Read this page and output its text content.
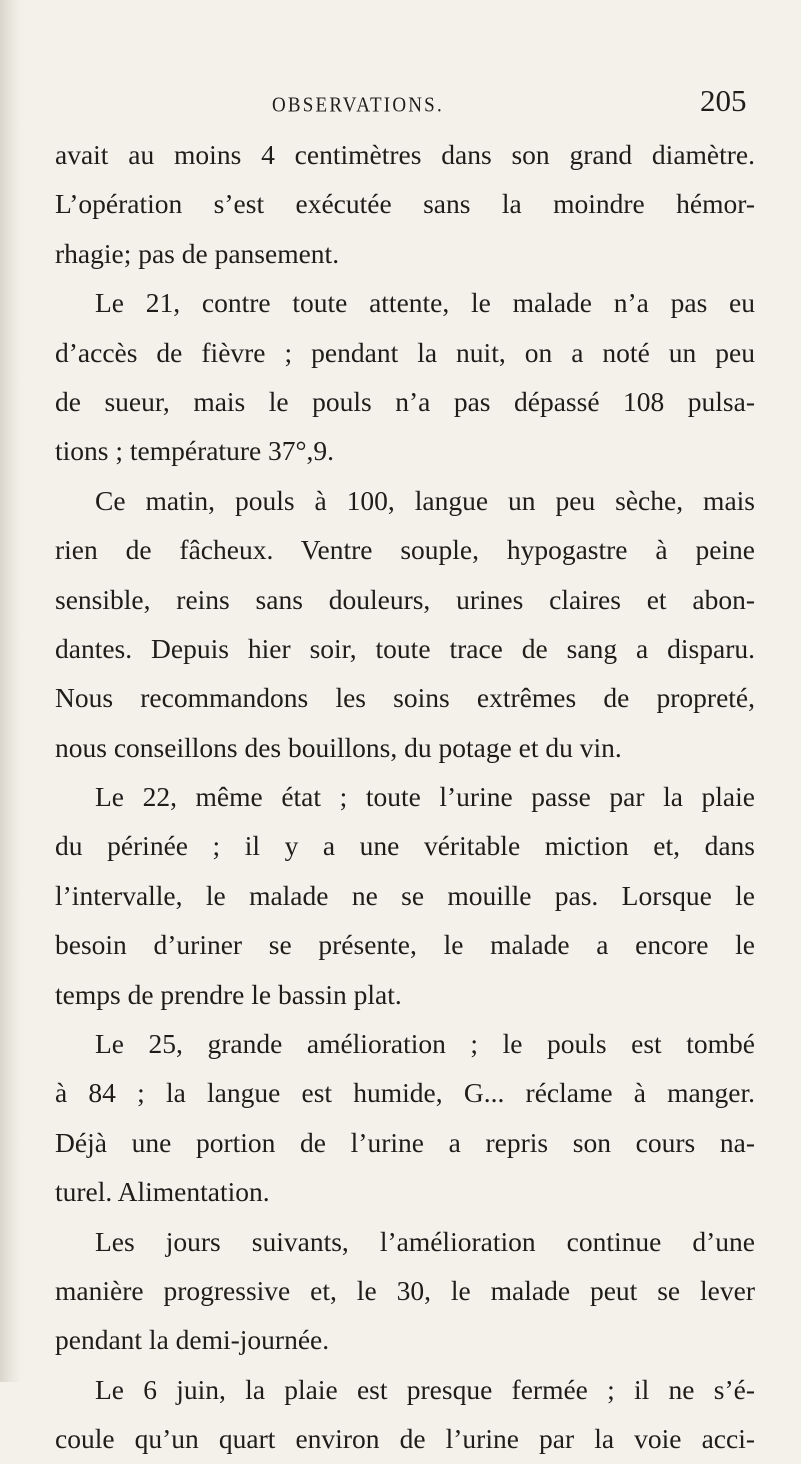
OBSERVATIONS.	205
avait au moins 4 centimètres dans son grand diamètre.
L’opération s’est exécutée sans la moindre hémor-
rhagie; pas de pansement.
Le 21, contre toute attente, le malade n’a pas eu
d’accès de fièvre ; pendant la nuit, on a noté un peu
de sueur, mais le pouls n’a pas dépassé 108 pulsa-
tions ; température 37°,9.
Ce matin, pouls à 100, langue un peu sèche, mais
rien de fâcheux. Ventre souple, hypogastre à peine
sensible, reins sans douleurs, urines claires et abon-
dantes. Depuis hier soir, toute trace de sang a disparu.
Nous recommandons les soins extrêmes de propreté,
nous conseillons des bouillons, du potage et du vin.
Le 22, même état ; toute l’urine passe par la plaie
du périnée ; il y a une véritable miction et, dans
l’intervalle, le malade ne se mouille pas. Lorsque le
besoin d’uriner se présente, le malade a encore le
temps de prendre le bassin plat.
Le 25, grande amélioration ; le pouls est tombé
à 84 ; la langue est humide, G... réclame à manger.
Déjà une portion de l’urine a repris son cours na-
turel. Alimentation.
Les jours suivants, l’amélioration continue d’une
manière progressive et, le 30, le malade peut se lever
pendant la demi-journée.
Le 6 juin, la plaie est presque fermée ; il ne s’é-
coule qu’un quart environ de l’urine par la voie acci-
